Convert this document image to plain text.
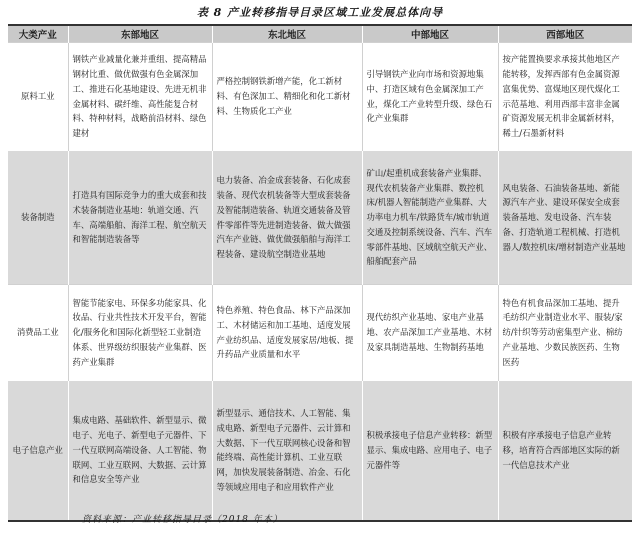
表 8 产业转移指导目录区域工业发展总体向导
大类产业	东部地区	东北地区	中部地区	西部地区
原料工业	钢铁产业减量化兼并重组、提高精品钢材比重、做优做强有色金属深加工、推进石化基地建设、先进无机非金属材料、碳纤维、高性能复合材料、特种材料，战略前沿材料、绿色建材	严格控制钢铁新增产能，化工新材料、有色深加工、精细化和化工新材料、生物质化工产业	引导钢铁产业向市场和资源地集中、打造区域有色金属深加工产业，煤化工产业转型升级、绿色石化产业集群	按产能置换要求承接其他地区产能转移，发挥西部有色金属资源富集优势、富煤地区现代煤化工示范基地、利用西部丰富非金属矿资源发展无机非金属新材料，稀土/石墨新材料
装备制造	打造具有国际竞争力的重大成套和技术装备制造业基地：轨道交通、汽车、高端船舶、海洋工程、航空航天和智能制造装备等	电力装备、冶金成套装备、石化成套装备、现代农机装备等大型成套装备及智能制造装备、轨道交通装备及管件零部件等先进制造装备、做大做强汽车产业链、做优做强船舶与海洋工程装备、建设航空制造业基地	矿山/起重机成套装备产业集群、现代农机装备产业集群、数控机床/机器人智能制造产业集群、大功率电力机车/铁路货车/城市轨道交通及控制系统设备、汽车、汽车零部件基地、区域航空航天产业、船舶配套产品	风电装备、石油装备基地、新能源汽车产业、建设环保安全成套装备基地、发电设备、汽车装备、打造轨道工程机械、打造机器人/数控机床/增材制造产业基地
消费品工业	智能节能家电、环保多功能家具、化妆品、行业共性技术开发平台，智能化/服务化和国际化新型轻工业制造体系、世界级纺织服装产业集群、医药产业集群	特色养殖、特色食品、林下产品深加工、木材储运和加工基地、适度发展产业纺织品、适度发展家居/地板、提升药品产业质量和水平	现代纺织产业基地、家电产业基地、农产品深加工产业基地、木材及家具制造基地、生物制药基地	特色有机食品深加工基地、提升毛纺织产业制造业水平、服装/家纺/针织等劳动密集型产业、棉纺产业基地、少数民族医药、生物医药
电子信息产业	集成电路、基础软件、新型显示、微电子、光电子、新型电子元器件、下一代互联网高端设备、人工智能、物联网、工业互联网、大数据、云计算和信息安全等产业	新型显示、通信技术、人工智能、集成电路、新型电子元器件、云计算和大数据、下一代互联网核心设备和智能终端、高性能计算机、工业互联网，加快发展装备制造、冶金、石化等领域应用电子和应用软件产业	积极承接电子信息产业转移：新型显示、集成电路、应用电子、电子元器件等	积极有序承接电子信息产业转移，培育符合西部地区实际的新一代信息技术产业
资料来源：产业转移指导目录（2018 年本）
